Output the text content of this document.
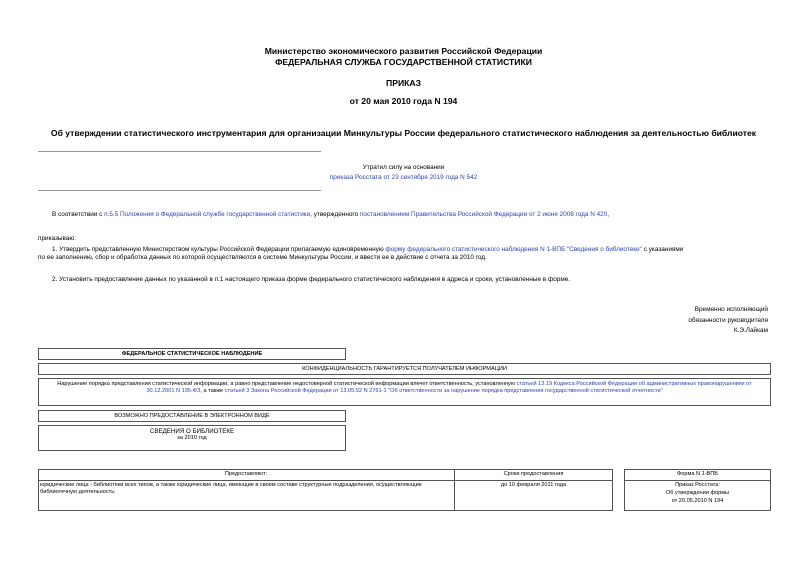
Министерство экономического развития Российской Федерации
ФЕДЕРАЛЬНАЯ СЛУЖБА ГОСУДАРСТВЕННОЙ СТАТИСТИКИ
ПРИКАЗ
от 20 мая 2010 года N 194
Об утверждении статистического инструментария для организации Минкультуры России федерального статистического наблюдения за деятельностью библиотек
Утратил силу на основании
приказа Росстата от 23 сентября 2019 года N 542
В соответствии с п.5.5 Положения о Федеральной службе государственной статистики, утвержденного постановлением Правительства Российской Федерации от 2 июня 2008 года N 420,
приказываю:
1. Утвердить представленную Министерством культуры Российской Федерации прилагаемую единовременную форму федерального статистического наблюдения N 1-ВПБ "Сведения о библиотеке" с указаниями
по ее заполнению, сбор и обработка данных по которой осуществляются в системе Минкультуры России, и ввести ее в действие с отчета за 2010 год.
2. Установить предоставление данных по указанной в п.1 настоящего приказа форме федерального статистического наблюдения в адреса и сроки, установленные в форме.
Временно исполняющий
обязанности руководителя
К.Э.Лайкам
ФЕДЕРАЛЬНОЕ СТАТИСТИЧЕСКОЕ НАБЛЮДЕНИЕ
КОНФИДЕНЦИАЛЬНОСТЬ ГАРАНТИРУЕТСЯ ПОЛУЧАТЕЛЕМ ИНФОРМАЦИИ
Нарушение порядка представления статистической информации, а равно представление недостоверной статистической информации влечет ответственность, установленную статьей 13.19 Кодекса Российской Федерации об административных правонарушениях от 30.12.2001 N 195-ФЗ, а также статьей 3 Закона Российской Федерации от 13.05.92 N 2761-1 "Об ответственности за нарушение порядка представления государственной статистической отчетности"
ВОЗМОЖНО ПРЕДОСТАВЛЕНИЕ В ЭЛЕКТРОННОМ ВИДЕ
СВЕДЕНИЯ О БИБЛИОТЕКЕ
за 2010 год
Предоставляют:	Сроки предоставления
юридические лица - библиотеки всех типов, а также юридические лица, имеющие в своем составе структурные подразделения, осуществляющие библиотечную деятельность:
до 10 февраля 2011 года
Форма N 1-ВПБ
Приказ Росстата:
Об утверждении формы
от 20.05.2010 N 194
